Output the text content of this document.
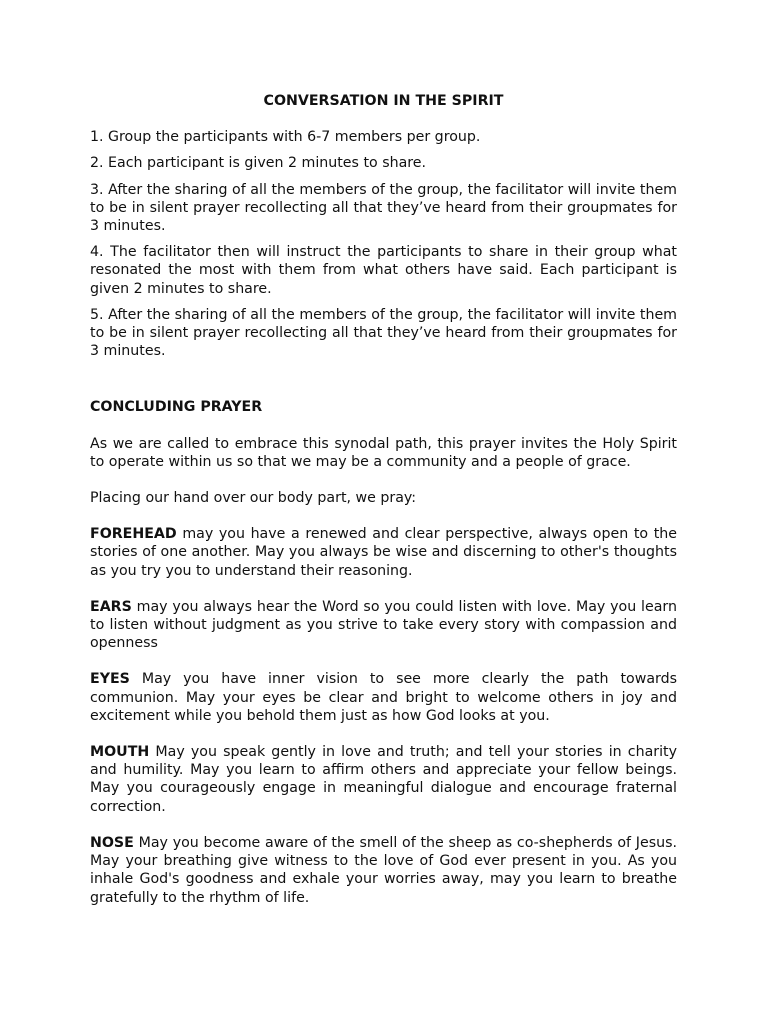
CONVERSATION IN THE SPIRIT

1. Group the participants with 6-7 members per group.

2. Each participant is given 2 minutes to share.

3. After the sharing of all the members of the group, the facilitator will invite them to be in silent prayer recollecting all that they’ve heard from their groupmates for 3 minutes.

4. The facilitator then will instruct the participants to share in their group what resonated the most with them from what others have said. Each participant is given 2 minutes to share.

5. After the sharing of all the members of the group, the facilitator will invite them to be in silent prayer recollecting all that they’ve heard from their groupmates for 3 minutes.

CONCLUDING PRAYER

As we are called to embrace this synodal path, this prayer invites the Holy Spirit to operate within us so that we may be a community and a people of grace.

Placing our hand over our body part, we pray:

FOREHEAD may you have a renewed and clear perspective, always open to the stories of one another. May you always be wise and discerning to other's thoughts as you try you to understand their reasoning.

EARS may you always hear the Word so you could listen with love. May you learn to listen without judgment as you strive to take every story with compassion and openness

EYES May you have inner vision to see more clearly the path towards communion. May your eyes be clear and bright to welcome others in joy and excitement while you behold them just as how God looks at you.

MOUTH May you speak gently in love and truth; and tell your stories in charity and humility. May you learn to affirm others and appreciate your fellow beings. May you courageously engage in meaningful dialogue and encourage fraternal correction.

NOSE May you become aware of the smell of the sheep as co-shepherds of Jesus. May your breathing give witness to the love of God ever present in you. As you inhale God's goodness and exhale your worries away, may you learn to breathe gratefully to the rhythm of life.
